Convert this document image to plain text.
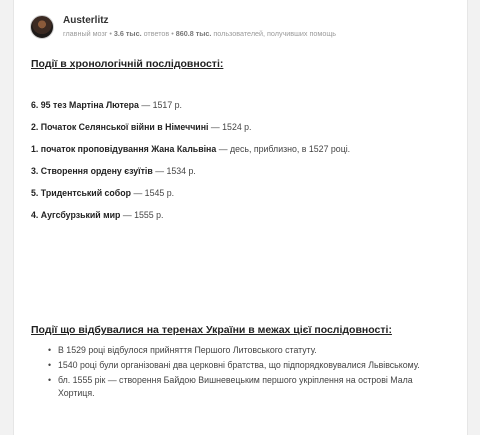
Austerlitz
главный мозг • 3.6 тыс. ответов • 860.8 тыс. пользователей, получивших помощь
Події в хронологічній послідовності:
6. 95 тез Мартіна Лютера — 1517 р.
2. Початок Селянської війни в Німеччині — 1524 р.
1. початок проповідування Жана Кальвіна — десь, приблизно, в 1527 році.
3. Створення ордену єзуїтів — 1534 р.
5. Тридентський собор — 1545 р.
4. Аугсбурзький мир — 1555 р.
Події що відбувалися на теренах України в межах цієї послідовності:
• В 1529 році відбулося прийняття Першого Литовського статуту.
• 1540 році були організовані два церковні братства, що підпорядковувалися Львівському.
• бл. 1555 рік — створення Байдою Вишневецьким першого укріплення на острові Мала Хортиця.
